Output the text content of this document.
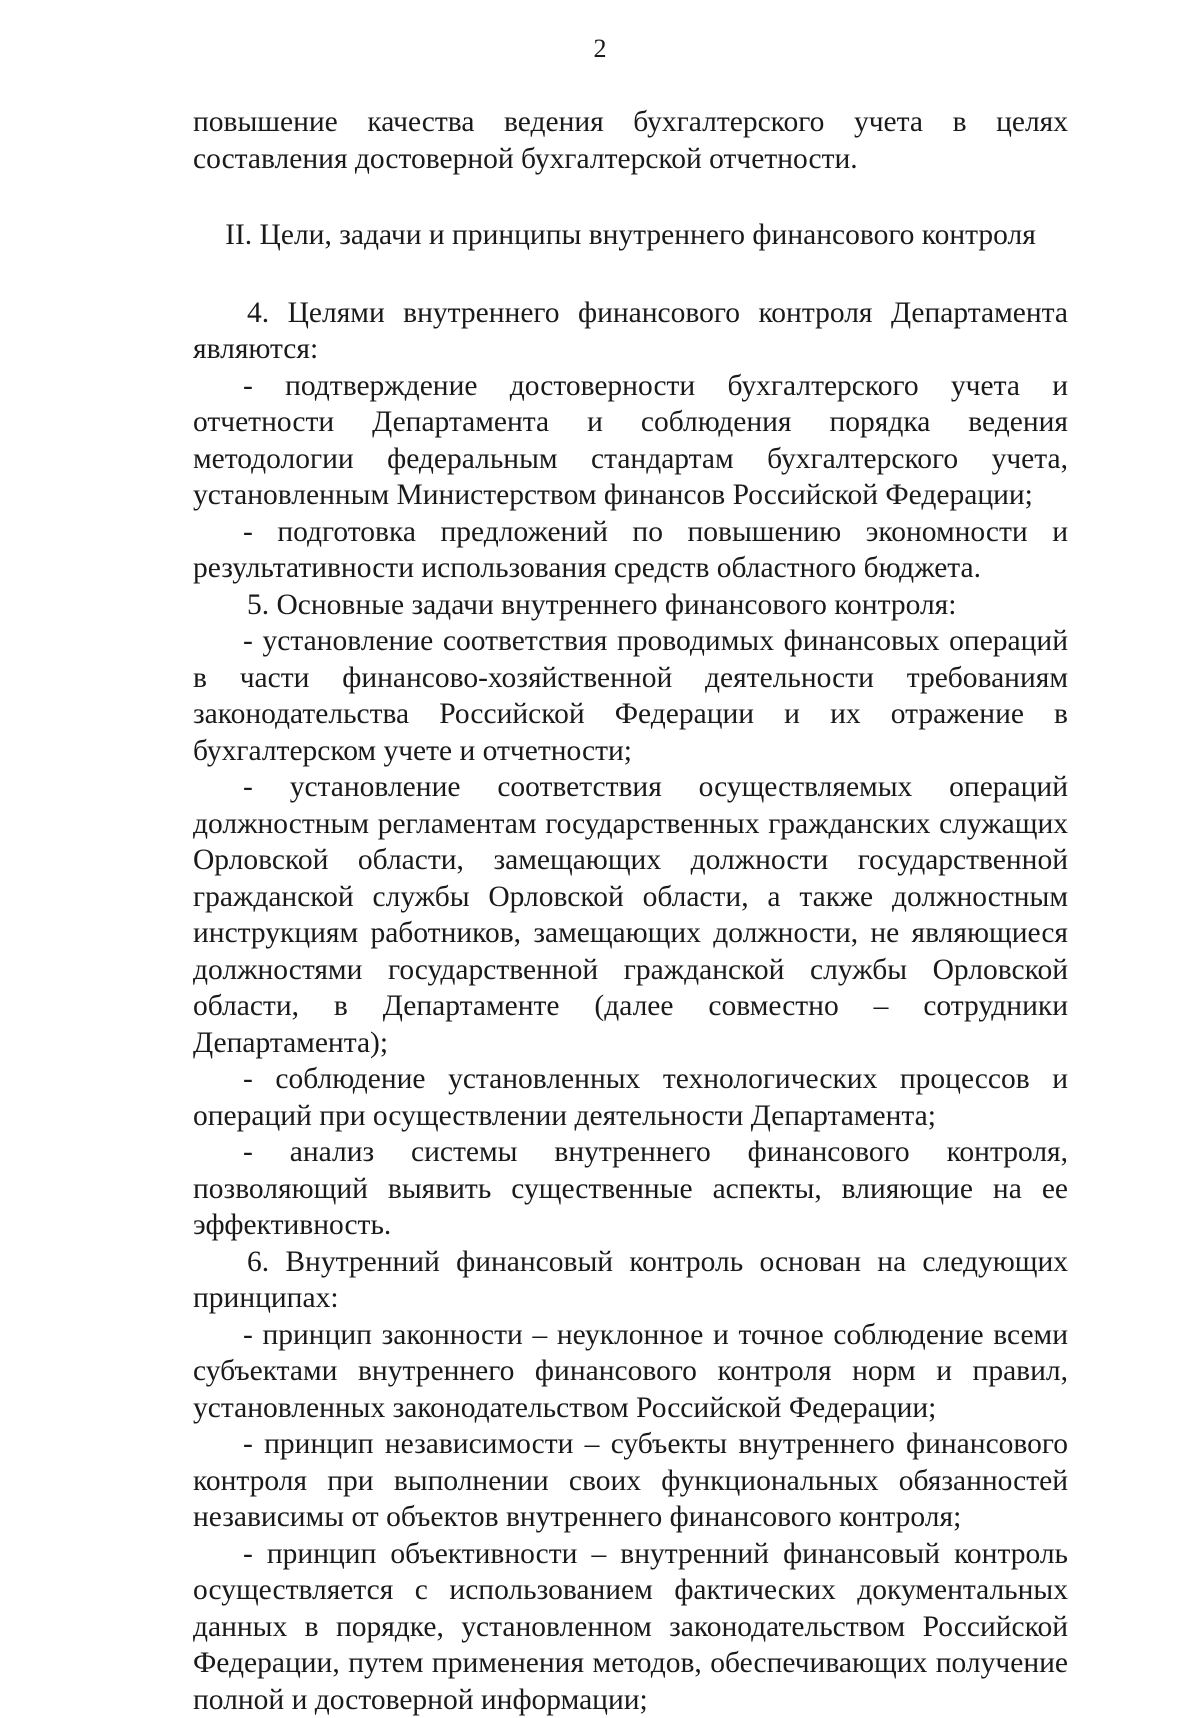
2

повышение качества ведения бухгалтерского учета в целях составления достоверной бухгалтерской отчетности.

II. Цели, задачи и принципы внутреннего финансового контроля

4. Целями внутреннего финансового контроля Департамента являются:

- подтверждение достоверности бухгалтерского учета и отчетности Департамента и соблюдения порядка ведения методологии федеральным стандартам бухгалтерского учета, установленным Министерством финансов Российской Федерации;

- подготовка предложений по повышению экономности и результативности использования средств областного бюджета.

5. Основные задачи внутреннего финансового контроля:

- установление соответствия проводимых финансовых операций в части финансово-хозяйственной деятельности требованиям законодательства Российской Федерации и их отражение в бухгалтерском учете и отчетности;

- установление соответствия осуществляемых операций должностным регламентам государственных гражданских служащих Орловской области, замещающих должности государственной гражданской службы Орловской области, а также должностным инструкциям работников, замещающих должности, не являющиеся должностями государственной гражданской службы Орловской области, в Департаменте (далее совместно – сотрудники Департамента);

- соблюдение установленных технологических процессов и операций при осуществлении деятельности Департамента;

- анализ системы внутреннего финансового контроля, позволяющий выявить существенные аспекты, влияющие на ее эффективность.

6. Внутренний финансовый контроль основан на следующих принципах:

- принцип законности – неуклонное и точное соблюдение всеми субъектами внутреннего финансового контроля норм и правил, установленных законодательством Российской Федерации;

- принцип независимости – субъекты внутреннего финансового контроля при выполнении своих функциональных обязанностей независимы от объектов внутреннего финансового контроля;

- принцип объективности – внутренний финансовый контроль осуществляется с использованием фактических документальных данных в порядке, установленном законодательством Российской Федерации, путем применения методов, обеспечивающих получение полной и достоверной информации;
